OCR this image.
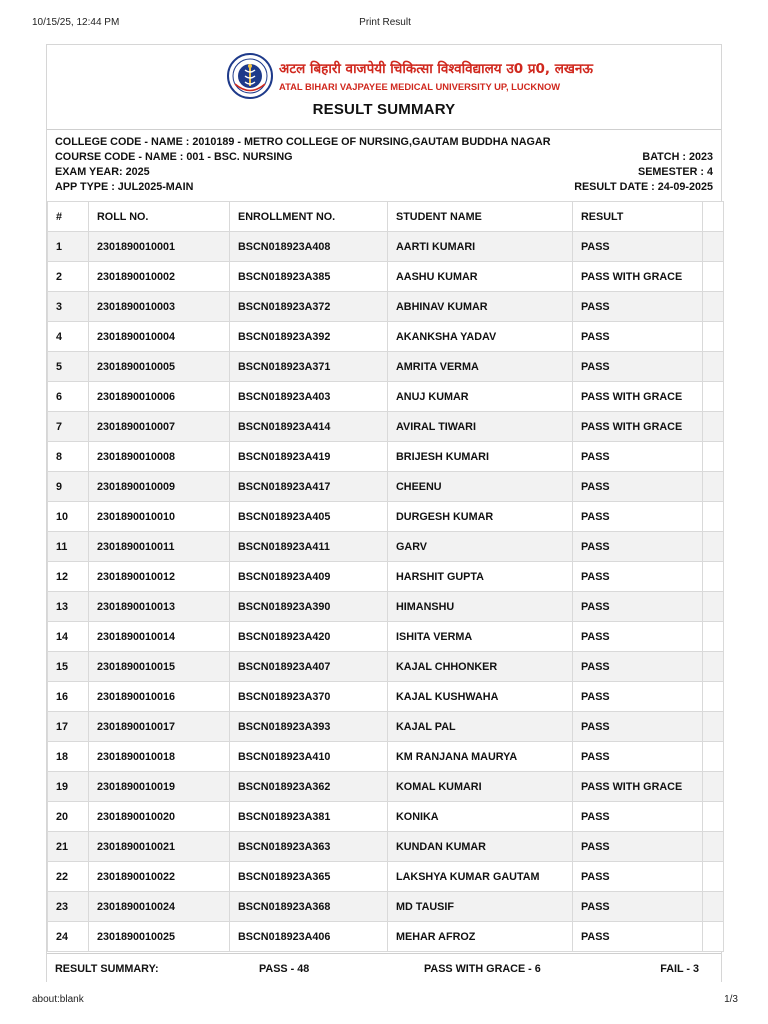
10/15/25, 12:44 PM	Print Result
अटल बिहारी वाजपेयी चिकित्सा विश्वविद्यालय उ0 प्र0, लखनऊ
ATAL BIHARI VAJPAYEE MEDICAL UNIVERSITY UP, LUCKNOW
RESULT SUMMARY
COLLEGE CODE - NAME : 2010189 - METRO COLLEGE OF NURSING,GAUTAM BUDDHA NAGAR
COURSE CODE - NAME : 001 - BSC. NURSING	BATCH : 2023
EXAM YEAR: 2025	SEMESTER : 4
APP TYPE : JUL2025-MAIN	RESULT DATE : 24-09-2025
#	ROLL NO.	ENROLLMENT NO.	STUDENT NAME	RESULT	
1	2301890010001	BSCN018923A408	AARTI KUMARI	PASS	
2	2301890010002	BSCN018923A385	AASHU KUMAR	PASS WITH GRACE	
3	2301890010003	BSCN018923A372	ABHINAV KUMAR	PASS	
4	2301890010004	BSCN018923A392	AKANKSHA YADAV	PASS	
5	2301890010005	BSCN018923A371	AMRITA VERMA	PASS	
6	2301890010006	BSCN018923A403	ANUJ KUMAR	PASS WITH GRACE	
7	2301890010007	BSCN018923A414	AVIRAL TIWARI	PASS WITH GRACE	
8	2301890010008	BSCN018923A419	BRIJESH KUMARI	PASS	
9	2301890010009	BSCN018923A417	CHEENU	PASS	
10	2301890010010	BSCN018923A405	DURGESH KUMAR	PASS	
11	2301890010011	BSCN018923A411	GARV	PASS	
12	2301890010012	BSCN018923A409	HARSHIT GUPTA	PASS	
13	2301890010013	BSCN018923A390	HIMANSHU	PASS	
14	2301890010014	BSCN018923A420	ISHITA VERMA	PASS	
15	2301890010015	BSCN018923A407	KAJAL CHHONKER	PASS	
16	2301890010016	BSCN018923A370	KAJAL KUSHWAHA	PASS	
17	2301890010017	BSCN018923A393	KAJAL PAL	PASS	
18	2301890010018	BSCN018923A410	KM RANJANA MAURYA	PASS	
19	2301890010019	BSCN018923A362	KOMAL KUMARI	PASS WITH GRACE	
20	2301890010020	BSCN018923A381	KONIKA	PASS	
21	2301890010021	BSCN018923A363	KUNDAN KUMAR	PASS	
22	2301890010022	BSCN018923A365	LAKSHYA KUMAR GAUTAM	PASS	
23	2301890010024	BSCN018923A368	MD TAUSIF	PASS	
24	2301890010025	BSCN018923A406	MEHAR AFROZ	PASS	
RESULT SUMMARY:	PASS - 48	PASS WITH GRACE - 6	FAIL - 3
about:blank	1/3
